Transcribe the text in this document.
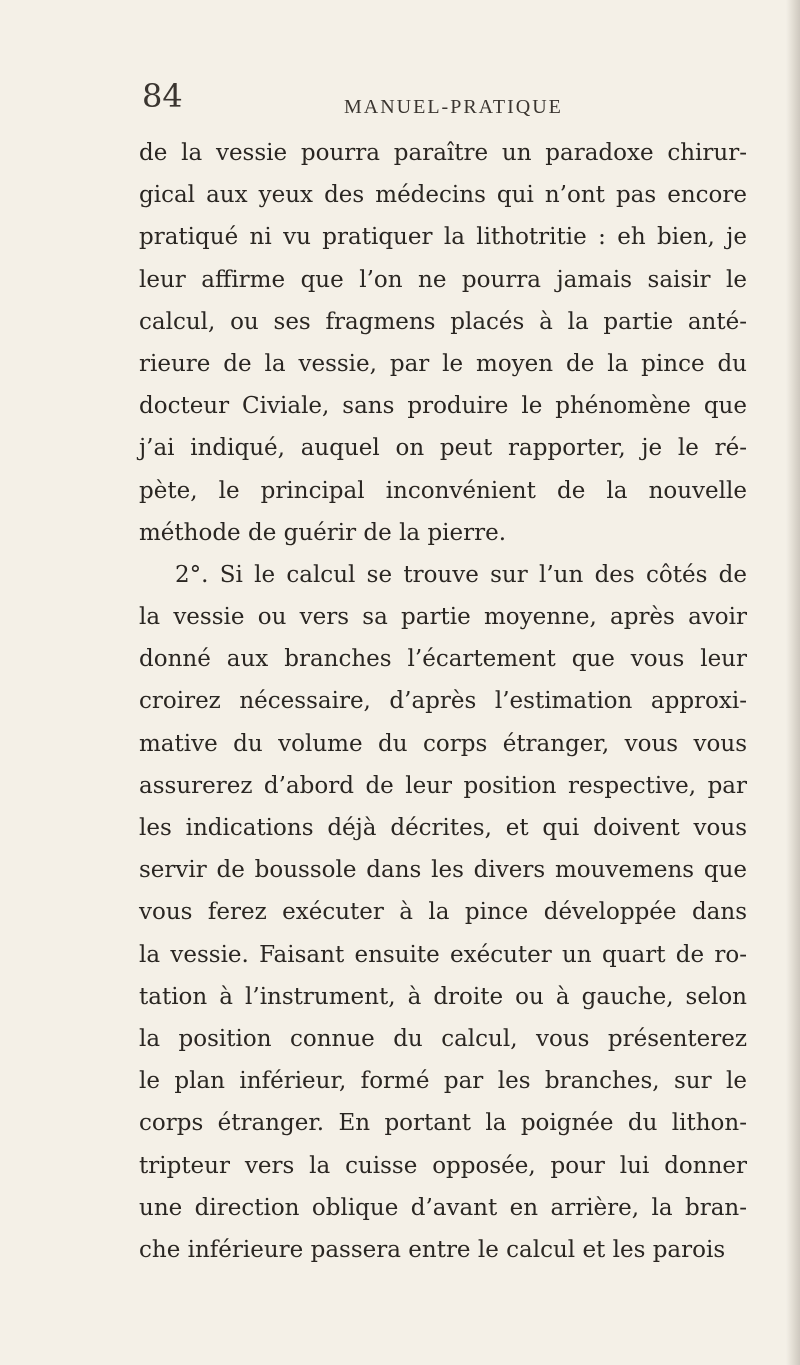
84	MANUEL-PRATIQUE
de la vessie pourra paraître un paradoxe chirur-
gical aux yeux des médecins qui n’ont pas encore
pratiqué ni vu pratiquer la lithotritie : eh bien, je
leur affirme que l’on ne pourra jamais saisir le
calcul, ou ses fragmens placés à la partie anté-
rieure de la vessie, par le moyen de la pince du
docteur Civiale, sans produire le phénomène que
j’ai indiqué, auquel on peut rapporter, je le ré-
pète, le principal inconvénient de la nouvelle
méthode de guérir de la pierre.
2°. Si le calcul se trouve sur l’un des côtés de
la vessie ou vers sa partie moyenne, après avoir
donné aux branches l’écartement que vous leur
croirez nécessaire, d’après l’estimation approxi-
mative du volume du corps étranger, vous vous
assurerez d’abord de leur position respective, par
les indications déjà décrites, et qui doivent vous
servir de boussole dans les divers mouvemens que
vous ferez exécuter à la pince développée dans
la vessie. Faisant ensuite exécuter un quart de ro-
tation à l’instrument, à droite ou à gauche, selon
la position connue du calcul, vous présenterez
le plan inférieur, formé par les branches, sur le
corps étranger. En portant la poignée du lithon-
tripteur vers la cuisse opposée, pour lui donner
une direction oblique d’avant en arrière, la bran-
che inférieure passera entre le calcul et les parois
